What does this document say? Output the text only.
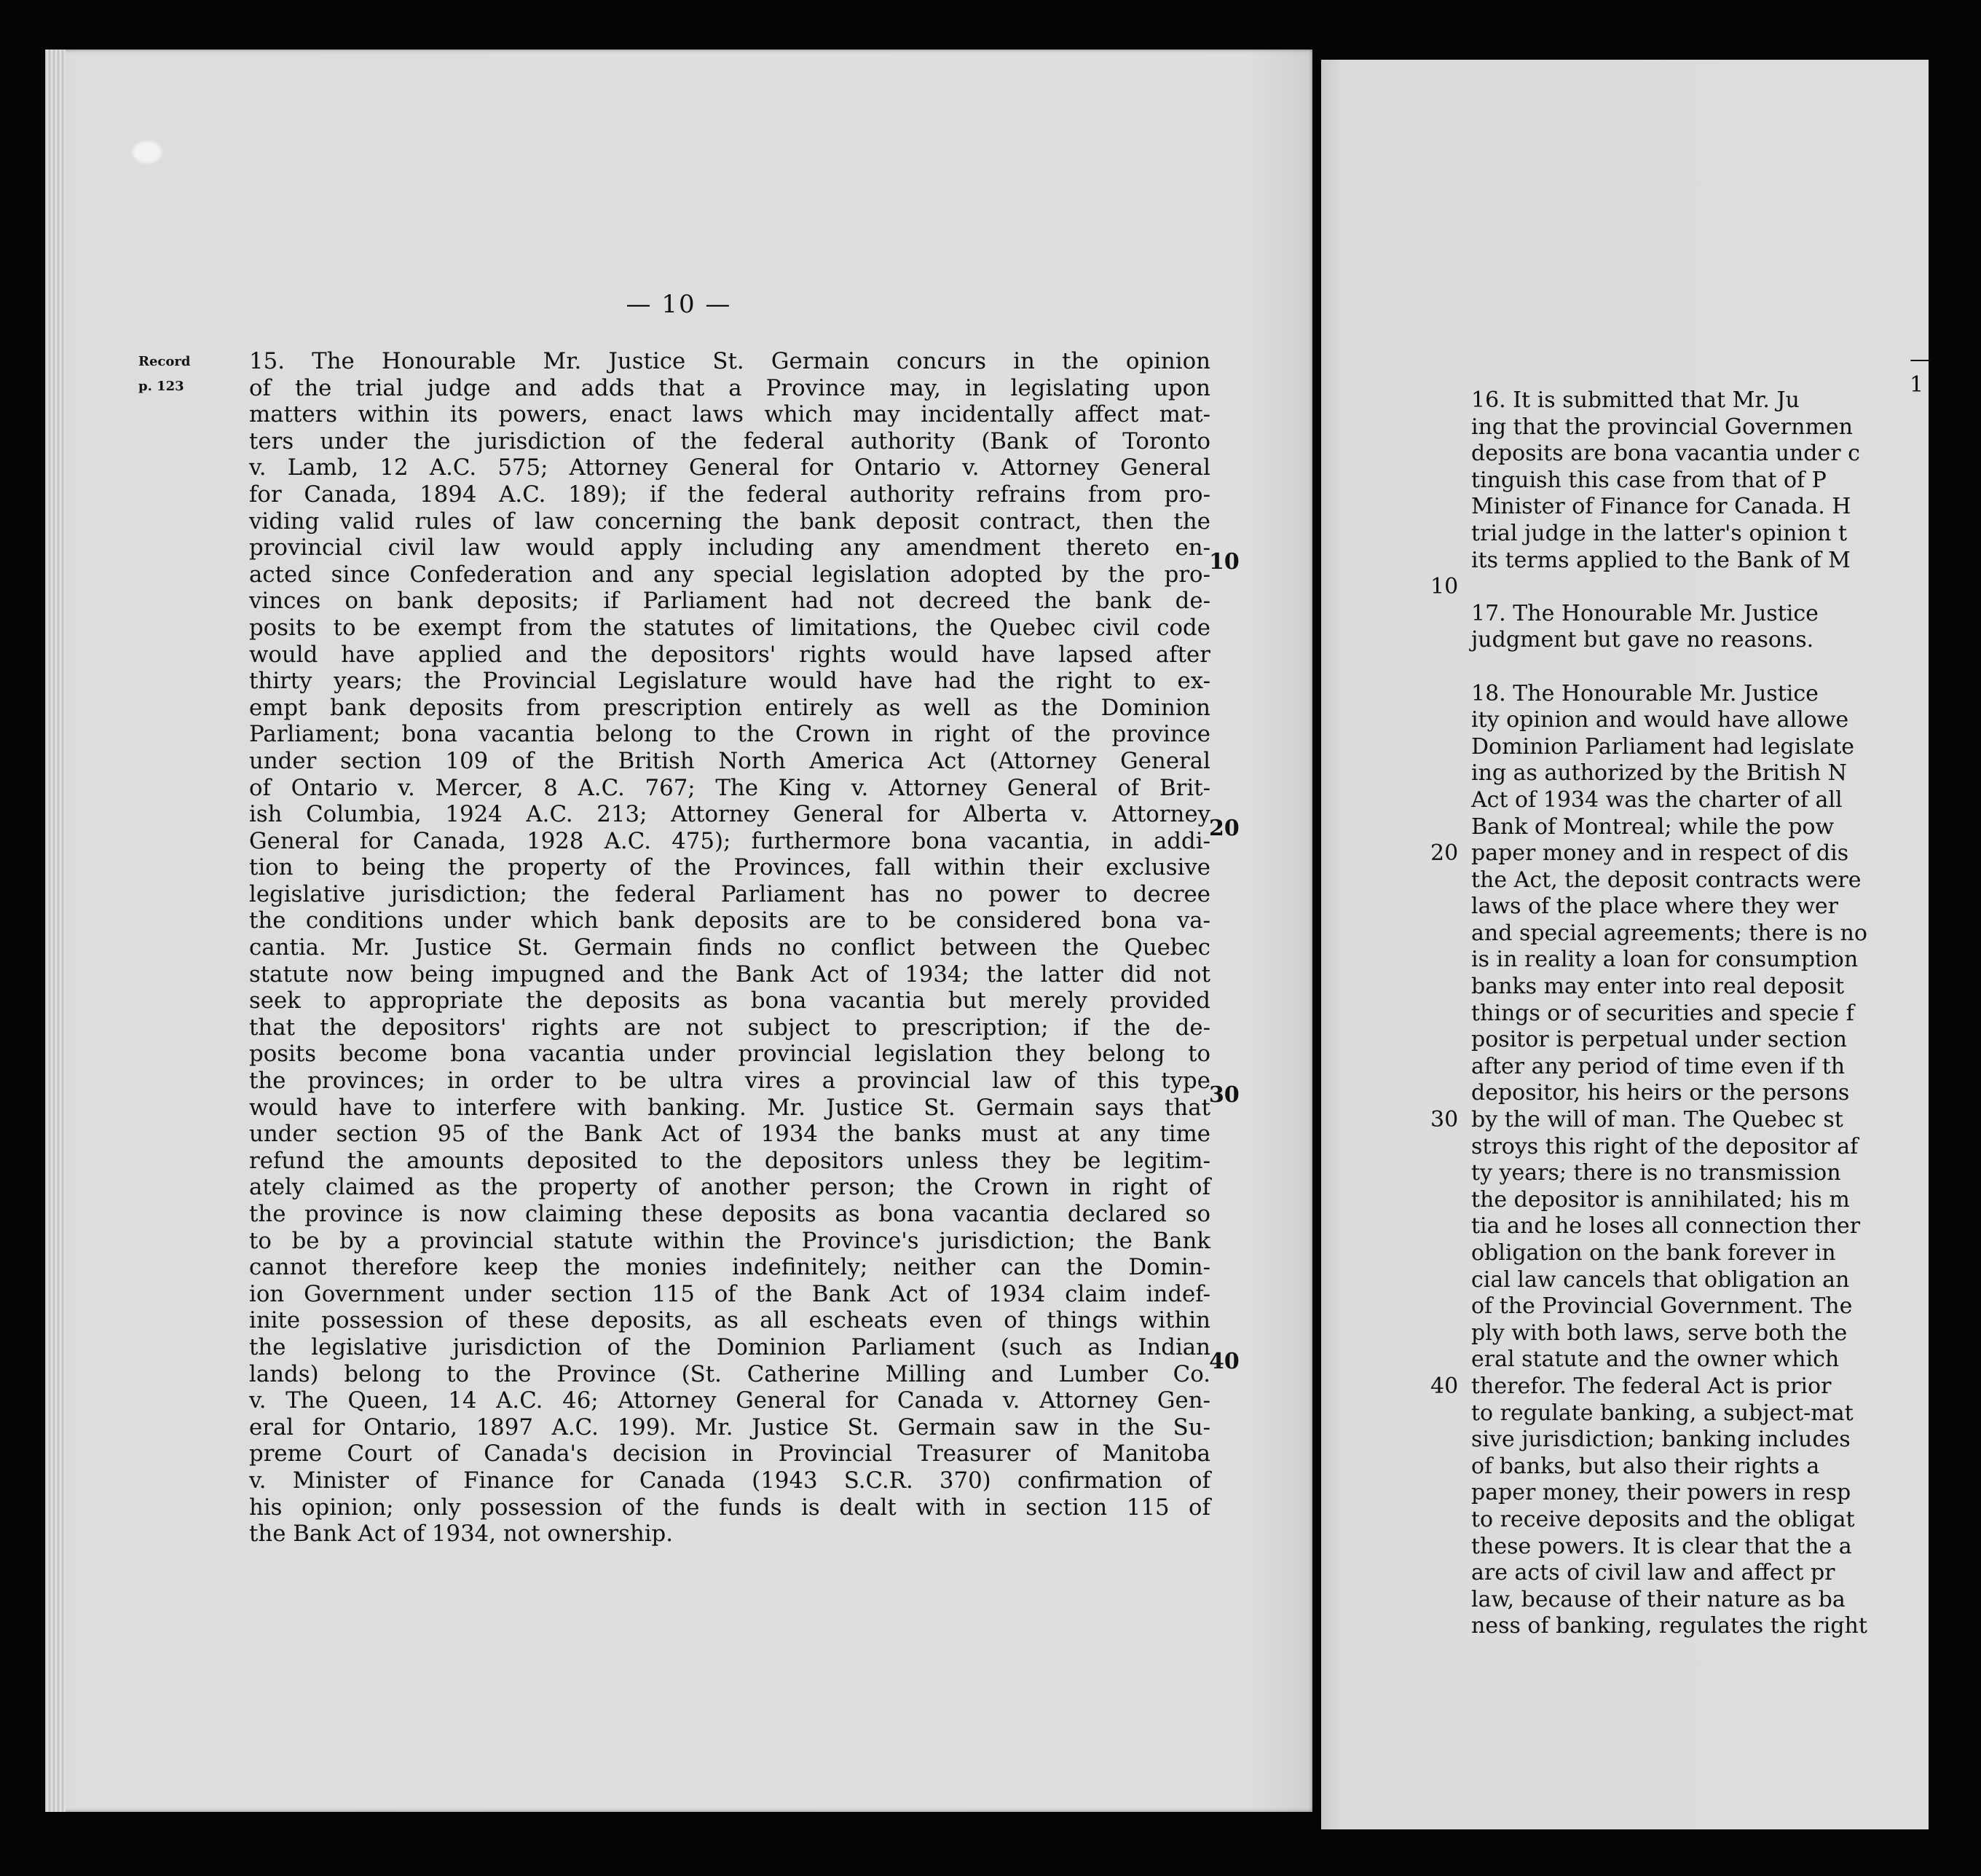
— 10 —
Record
p. 123
15. The Honourable Mr. Justice St. Germain concurs in the opinion
of the trial judge and adds that a Province may, in legislating upon
matters within its powers, enact laws which may incidentally affect mat-
ters under the jurisdiction of the federal authority (Bank of Toronto
v. Lamb, 12 A.C. 575; Attorney General for Ontario v. Attorney General
for Canada, 1894 A.C. 189); if the federal authority refrains from pro-
viding valid rules of law concerning the bank deposit contract, then the
provincial civil law would apply including any amendment thereto en-
acted since Confederation and any special legislation adopted by the pro-
vinces on bank deposits; if Parliament had not decreed the bank de-
posits to be exempt from the statutes of limitations, the Quebec civil code
would have applied and the depositors' rights would have lapsed after
thirty years; the Provincial Legislature would have had the right to ex-
empt bank deposits from prescription entirely as well as the Dominion
Parliament; bona vacantia belong to the Crown in right of the province
under section 109 of the British North America Act (Attorney General
of Ontario v. Mercer, 8 A.C. 767; The King v. Attorney General of Brit-
ish Columbia, 1924 A.C. 213; Attorney General for Alberta v. Attorney
General for Canada, 1928 A.C. 475); furthermore bona vacantia, in addi-
tion to being the property of the Provinces, fall within their exclusive
legislative jurisdiction; the federal Parliament has no power to decree
the conditions under which bank deposits are to be considered bona va-
cantia. Mr. Justice St. Germain finds no conflict between the Quebec
statute now being impugned and the Bank Act of 1934; the latter did not
seek to appropriate the deposits as bona vacantia but merely provided
that the depositors' rights are not subject to prescription; if the de-
posits become bona vacantia under provincial legislation they belong to
the provinces; in order to be ultra vires a provincial law of this type
would have to interfere with banking. Mr. Justice St. Germain says that
under section 95 of the Bank Act of 1934 the banks must at any time
refund the amounts deposited to the depositors unless they be legitim-
ately claimed as the property of another person; the Crown in right of
the province is now claiming these deposits as bona vacantia declared so
to be by a provincial statute within the Province's jurisdiction; the Bank
cannot therefore keep the monies indefinitely; neither can the Domin-
ion Government under section 115 of the Bank Act of 1934 claim indef-
inite possession of these deposits, as all escheats even of things within
the legislative jurisdiction of the Dominion Parliament (such as Indian
lands) belong to the Province (St. Catherine Milling and Lumber Co.
v. The Queen, 14 A.C. 46; Attorney General for Canada v. Attorney Gen-
eral for Ontario, 1897 A.C. 199). Mr. Justice St. Germain saw in the Su-
preme Court of Canada's decision in Provincial Treasurer of Manitoba
v. Minister of Finance for Canada (1943 S.C.R. 370) confirmation of
his opinion; only possession of the funds is dealt with in section 115 of
the Bank Act of 1934, not ownership.
10
20
30
40
— 1
16. It is submitted that Mr. Ju
ing that the provincial Governmen
deposits are bona vacantia under c
tinguish this case from that of P
Minister of Finance for Canada. H
trial judge in the latter's opinion t
its terms applied to the Bank of M
17. The Honourable Mr. Justice
judgment but gave no reasons.
18. The Honourable Mr. Justice
ity opinion and would have allowe
Dominion Parliament had legislate
ing as authorized by the British N
Act of 1934 was the charter of all
Bank of Montreal; while the pow
paper money and in respect of dis
the Act, the deposit contracts were
laws of the place where they wer
and special agreements; there is no
is in reality a loan for consumption
banks may enter into real deposit
things or of securities and specie f
positor is perpetual under section
after any period of time even if th
depositor, his heirs or the persons
by the will of man. The Quebec st
stroys this right of the depositor af
ty years; there is no transmission
the depositor is annihilated; his m
tia and he loses all connection ther
obligation on the bank forever in
cial law cancels that obligation an
of the Provincial Government. The
ply with both laws, serve both the
eral statute and the owner which
therefor. The federal Act is prior
to regulate banking, a subject-mat
sive jurisdiction; banking includes
of banks, but also their rights a
paper money, their powers in resp
to receive deposits and the obligat
these powers. It is clear that the a
are acts of civil law and affect pr
law, because of their nature as ba
ness of banking, regulates the right
10
20
30
40
